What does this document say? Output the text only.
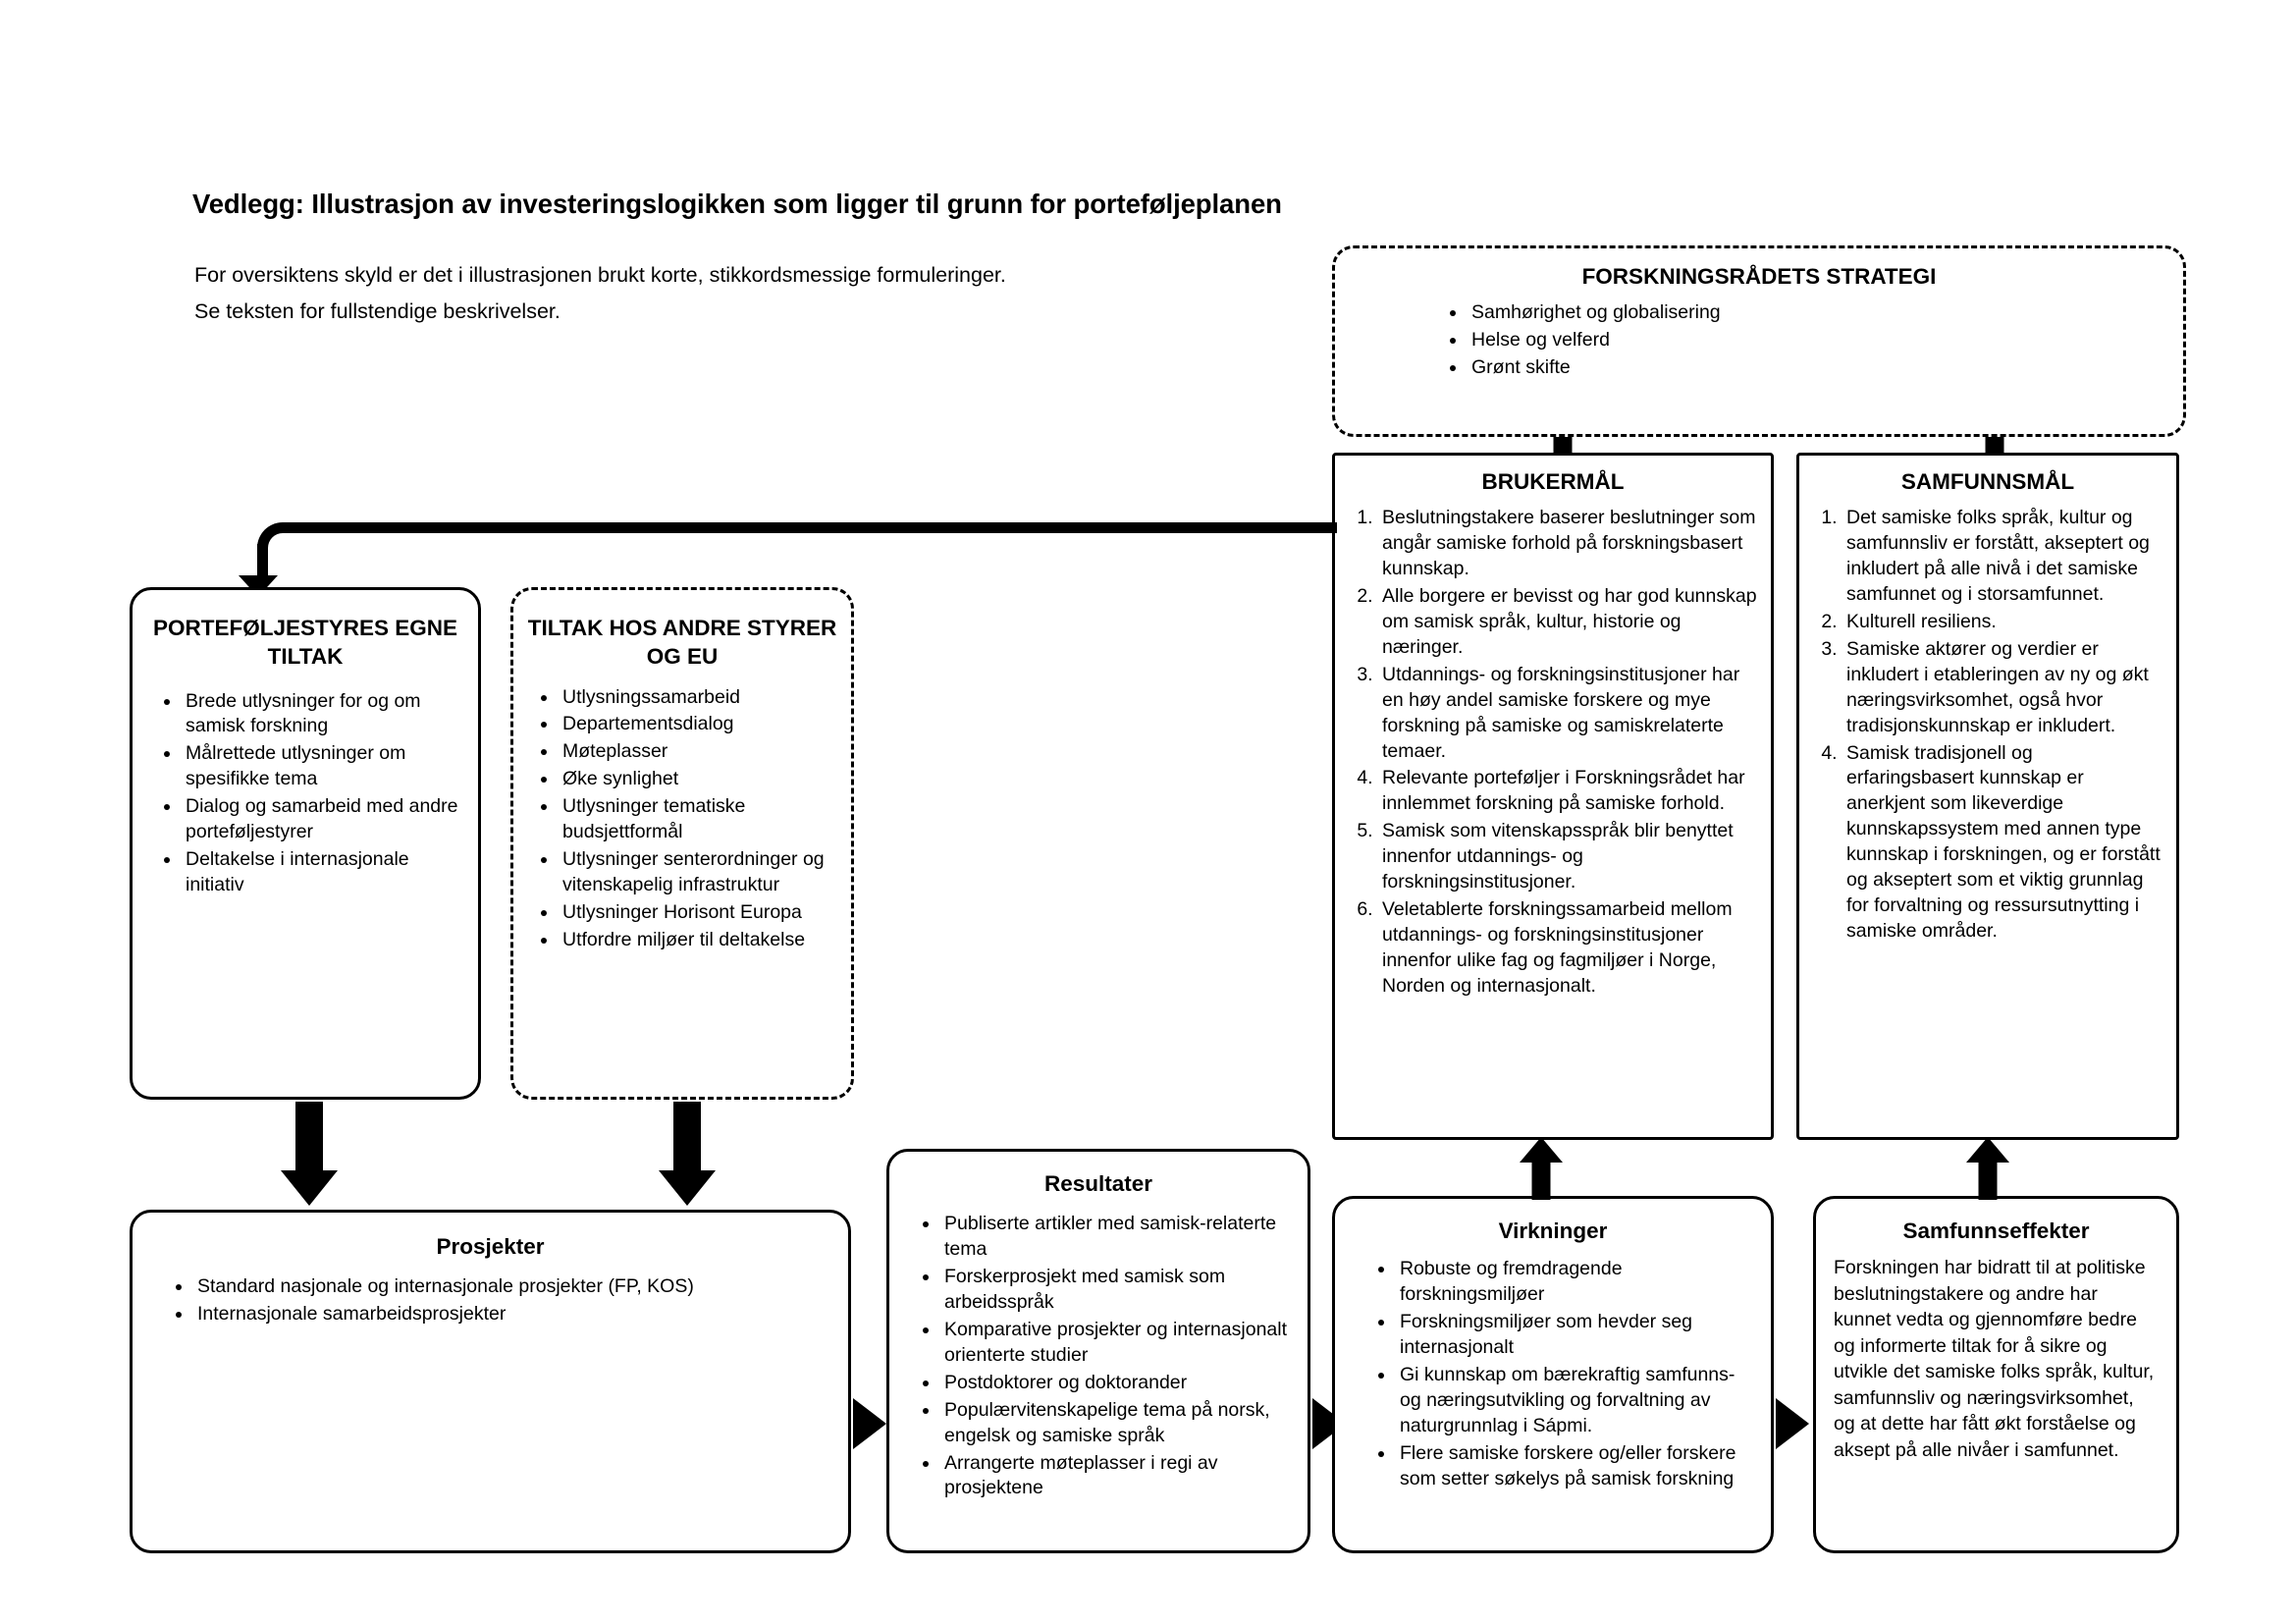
Vedlegg: Illustrasjon av investeringslogikken som ligger til grunn for porteføljeplanen
For oversiktens skyld er det i illustrasjonen brukt korte, stikkordsmessige formuleringer.
Se teksten for fullstendige beskrivelser.
FORSKNINGSRÅDETS STRATEGI
• Samhørighet og globalisering
• Helse og velferd
• Grønt skifte
BRUKERMÅL
1. Beslutningstakere baserer beslutninger som angår samiske forhold på forskningsbasert kunnskap.
2. Alle borgere er bevisst og har god kunnskap om samisk språk, kultur, historie og næringer.
3. Utdannings- og forskningsinstitusjoner har en høy andel samiske forskere og mye forskning på samiske og samiskrelaterte temaer.
4. Relevante porteføljer i Forskningsrådet har innlemmet forskning på samiske forhold.
5. Samisk som vitenskapsspråk blir benyttet innenfor utdannings- og forskningsinstitusjoner.
6. Veletablerte forskningssamarbeid mellom utdannings- og forskningsinstitusjoner innenfor ulike fag og fagmiljøer i Norge, Norden og internasjonalt.
SAMFUNNSMÅL
1. Det samiske folks språk, kultur og samfunnsliv er forstått, akseptert og inkludert på alle nivå i det samiske samfunnet og i storsamfunnet.
2. Kulturell resiliens.
3. Samiske aktører og verdier er inkludert i etableringen av ny og økt næringsvirksomhet, også hvor tradisjonskunnskap er inkludert.
4. Samisk tradisjonell og erfaringsbasert kunnskap er anerkjent som likeverdige kunnskapssystem med annen type kunnskap i forskningen, og er forstått og akseptert som et viktig grunnlag for forvaltning og ressursutnytting i samiske områder.
PORTEFØLJESTYRES EGNE TILTAK
• Brede utlysninger for og om samisk forskning
• Målrettede utlysninger om spesifikke tema
• Dialog og samarbeid med andre porteføljestyrer
• Deltakelse i internasjonale initiativ
TILTAK HOS ANDRE STYRER OG EU
• Utlysningssamarbeid
• Departementsdialog
• Møteplasser
• Øke synlighet
• Utlysninger tematiske budsjettformål
• Utlysninger senterordninger og vitenskapelig infrastruktur
• Utlysninger Horisont Europa
• Utfordre miljøer til deltakelse
Prosjekter
• Standard nasjonale og internasjonale prosjekter (FP, KOS)
• Internasjonale samarbeidsprosjekter
Resultater
• Publiserte artikler med samisk-relaterte tema
• Forskerprosjekt med samisk som arbeidsspråk
• Komparative prosjekter og internasjonalt orienterte studier
• Postdoktorer og doktorander
• Populærvitenskapelige tema på norsk, engelsk og samiske språk
• Arrangerte møteplasser i regi av prosjektene
Virkninger
• Robuste og fremdragende forskningsmiljøer
• Forskningsmiljøer som hevder seg internasjonalt
• Gi kunnskap om bærekraftig samfunns- og næringsutvikling og forvaltning av naturgrunnlag i Sápmi.
• Flere samiske forskere og/eller forskere som setter søkelys på samisk forskning
Samfunnseffekter
Forskningen har bidratt til at politiske beslutningstakere og andre har kunnet vedta og gjennomføre bedre og informerte tiltak for å sikre og utvikle det samiske folks språk, kultur, samfunnsliv og næringsvirksomhet, og at dette har fått økt forståelse og aksept på alle nivåer i samfunnet.
